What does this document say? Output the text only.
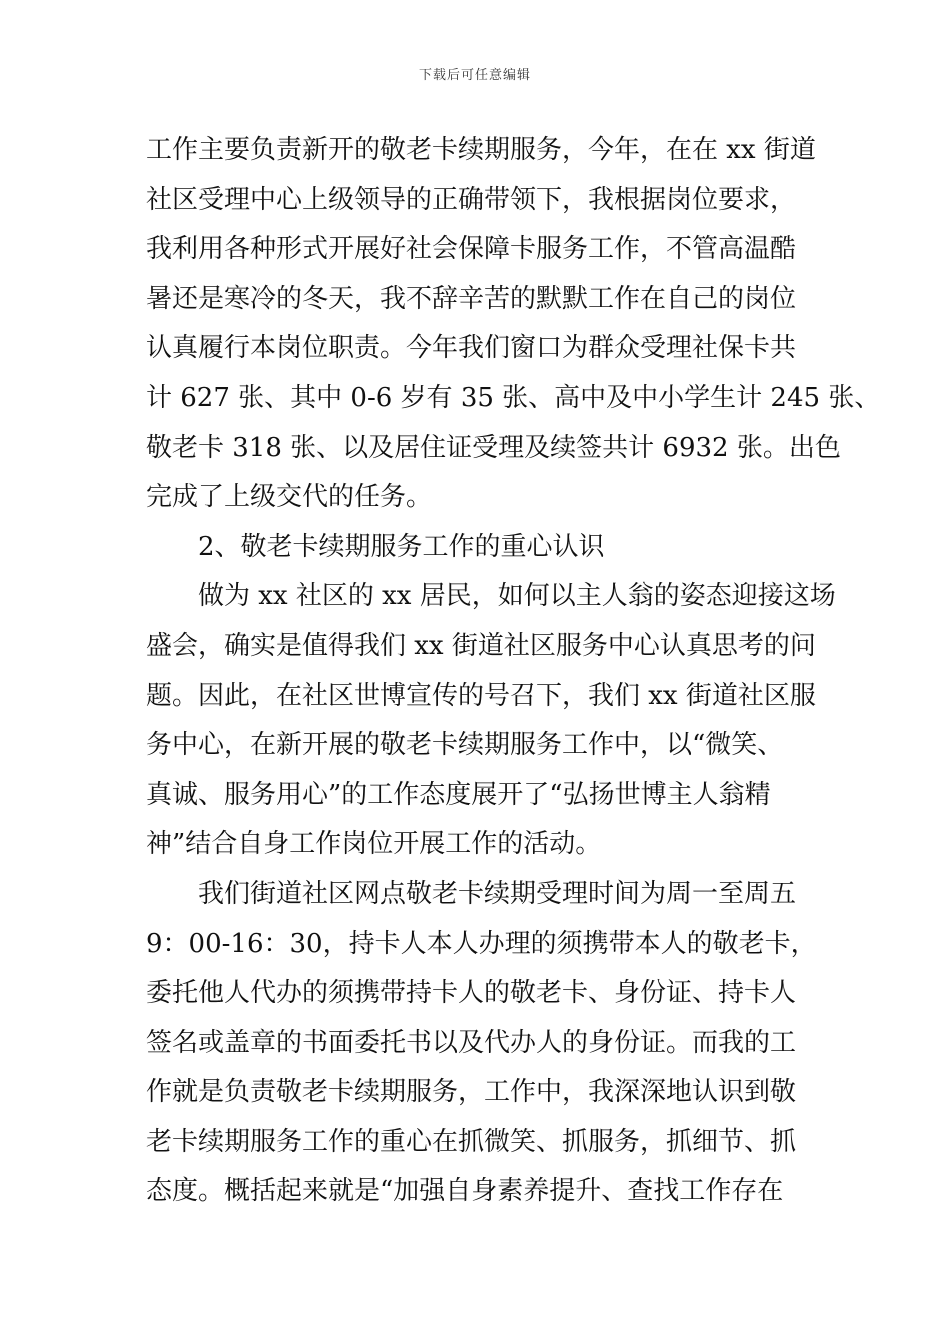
下载后可任意编辑
工作主要负责新开的敬老卡续期服务，今年，在在 xx 街道
社区受理中心上级领导的正确带领下，我根据岗位要求，
我利用各种形式开展好社会保障卡服务工作，不管高温酷
暑还是寒冷的冬天，我不辞辛苦的默默工作在自己的岗位
认真履行本岗位职责。今年我们窗口为群众受理社保卡共
计 627 张、其中 0-6 岁有 35 张、高中及中小学生计 245 张、
敬老卡 318 张、以及居住证受理及续签共计 6932 张。出色
完成了上级交代的任务。
2、敬老卡续期服务工作的重心认识
做为 xx 社区的 xx 居民，如何以主人翁的姿态迎接这场
盛会，确实是值得我们 xx 街道社区服务中心认真思考的问
题。因此，在社区世博宣传的号召下，我们 xx 街道社区服
务中心，在新开展的敬老卡续期服务工作中，以“微笑、
真诚、服务用心”的工作态度展开了“弘扬世博主人翁精
神”结合自身工作岗位开展工作的活动。
我们街道社区网点敬老卡续期受理时间为周一至周五
9：00-16：30，持卡人本人办理的须携带本人的敬老卡，
委托他人代办的须携带持卡人的敬老卡、身份证、持卡人
签名或盖章的书面委托书以及代办人的身份证。而我的工
作就是负责敬老卡续期服务，工作中，我深深地认识到敬
老卡续期服务工作的重心在抓微笑、抓服务，抓细节、抓
态度。概括起来就是“加强自身素养提升、查找工作存在
